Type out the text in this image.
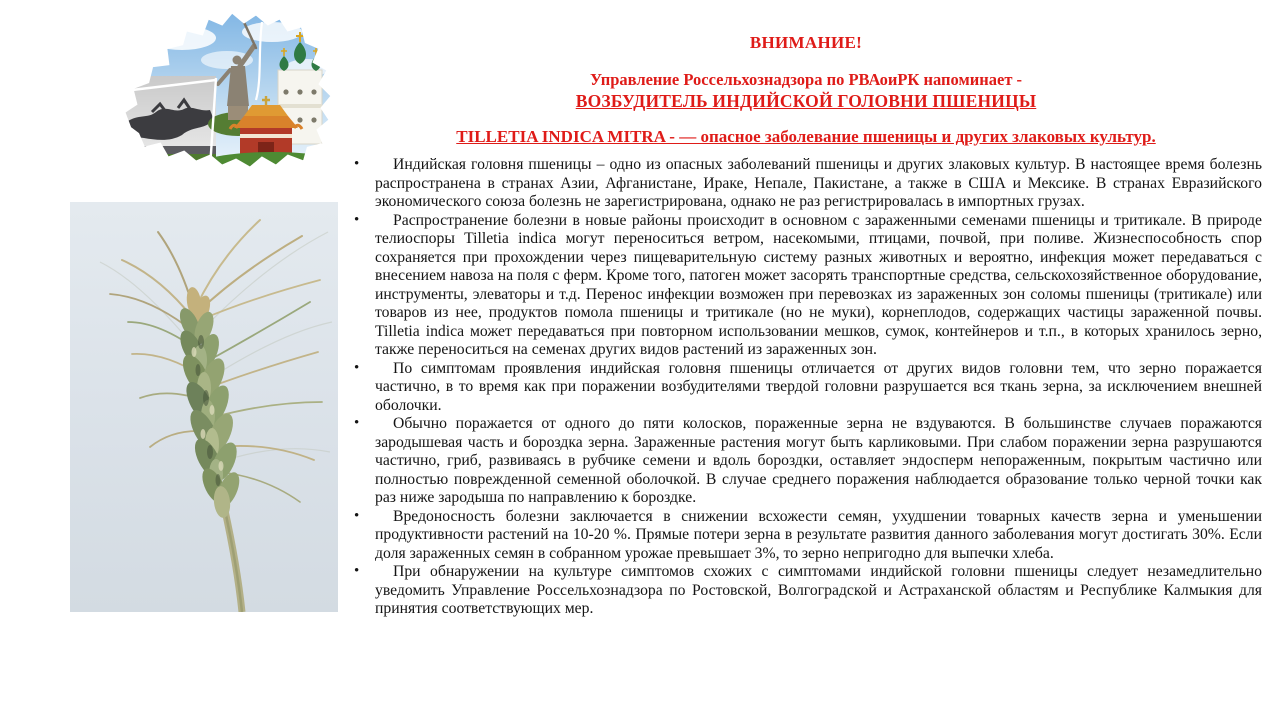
ВНИМАНИЕ!
Управление Россельхознадзора по РВАоиРК напоминает -
ВОЗБУДИТЕЛЬ ИНДИЙСКОЙ ГОЛОВНИ ПШЕНИЦЫ
TILLETIA INDICA MITRA - — опасное заболевание пшеницы и других злаковых культур.
• Индийская головня пшеницы – одно из опасных заболеваний пшеницы и других злаковых культур. В настоящее время болезнь распространена в странах Азии, Афганистане, Ираке, Непале, Пакистане, а также в США и Мексике. В странах Евразийского экономического союза болезнь не зарегистрирована, однако не раз регистрировалась в импортных грузах.
• Распространение болезни в новые районы происходит в основном с зараженными семенами пшеницы и тритикале. В природе телиоспоры Tilletia indica могут переноситься ветром, насекомыми, птицами, почвой, при поливе. Жизнеспособность спор сохраняется при прохождении через пищеварительную систему разных животных и вероятно, инфекция может передаваться с внесением навоза на поля с ферм. Кроме того, патоген может засорять транспортные средства, сельскохозяйственное оборудование, инструменты, элеваторы и т.д. Перенос инфекции возможен при перевозках из зараженных зон соломы пшеницы (тритикале) или товаров из нее, продуктов помола пшеницы и тритикале (но не муки), корнеплодов, содержащих частицы зараженной почвы. Tilletia indica может передаваться при повторном использовании мешков, сумок, контейнеров и т.п., в которых хранилось зерно, также переноситься на семенах других видов растений из зараженных зон.
• По симптомам проявления индийская головня пшеницы отличается от других видов головни тем, что зерно поражается частично, в то время как при поражении возбудителями твердой головни разрушается вся ткань зерна, за исключением внешней оболочки.
• Обычно поражается от одного до пяти колосков, пораженные зерна не вздуваются. В большинстве случаев поражаются зародышевая часть и бороздка зерна. Зараженные растения могут быть карликовыми. При слабом поражении зерна разрушаются частично, гриб, развиваясь в рубчике семени и вдоль бороздки, оставляет эндосперм непораженным, покрытым частично или полностью поврежденной семенной оболочкой. В случае среднего поражения наблюдается образование только черной точки как раз ниже зародыша по направлению к бороздке.
• Вредоносность болезни заключается в снижении всхожести семян, ухудшении товарных качеств зерна и уменьшении продуктивности растений на 10-20 %. Прямые потери зерна в результате развития данного заболевания могут достигать 30%. Если доля зараженных семян в собранном урожае превышает 3%, то зерно непригодно для выпечки хлеба.
• При обнаружении на культуре симптомов схожих с симптомами индийской головни пшеницы следует незамедлительно уведомить Управление Россельхознадзора по Ростовской, Волгоградской и Астраханской областям и Республике Калмыкия для принятия соответствующих мер.
